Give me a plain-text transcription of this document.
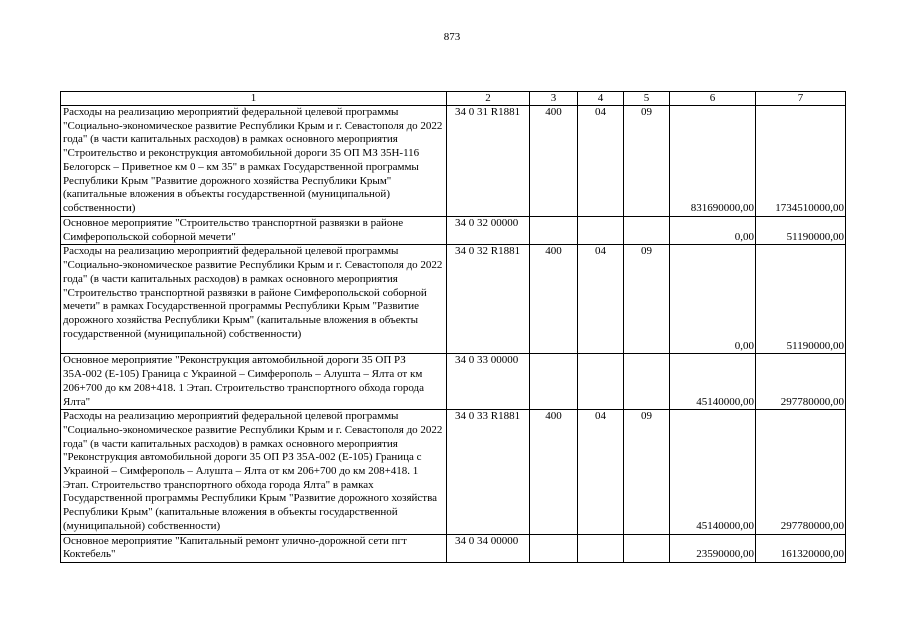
873
1	2	3	4	5	6	7
Расходы на реализацию мероприятий федеральной целевой программы "Социально-экономическое развитие Республики Крым и г. Севастополя до 2022 года" (в части капитальных расходов) в рамках основного мероприятия "Строительство и реконструкция автомобильной дороги 35 ОП МЗ 35Н-116 Белогорск – Приветное км 0 – км 35" в рамках Государственной программы Республики Крым "Развитие дорожного хозяйства Республики Крым" (капитальные вложения в объекты государственной (муниципальной) собственности)	34 0 31 R1881	400	04	09	831690000,00	1734510000,00
Основное мероприятие "Строительство транспортной развязки в районе Симферопольской соборной мечети"	34 0 32 00000				0,00	51190000,00
Расходы на реализацию мероприятий федеральной целевой программы "Социально-экономическое развитие Республики Крым и г. Севастополя до 2022 года" (в части капитальных расходов) в рамках основного мероприятия "Строительство транспортной развязки в районе Симферопольской соборной мечети" в рамках Государственной программы Республики Крым "Развитие дорожного хозяйства Республики Крым" (капитальные вложения в объекты государственной (муниципальной) собственности)	34 0 32 R1881	400	04	09	0,00	51190000,00
Основное мероприятие "Реконструкция автомобильной дороги 35 ОП РЗ 35А-002 (Е-105) Граница с Украиной – Симферополь – Алушта – Ялта от км 206+700 до км 208+418. 1 Этап. Строительство транспортного обхода города Ялта"	34 0 33 00000				45140000,00	297780000,00
Расходы на реализацию мероприятий федеральной целевой программы "Социально-экономическое развитие Республики Крым и г. Севастополя до 2022 года" (в части капитальных расходов) в рамках основного мероприятия "Реконструкция автомобильной дороги 35 ОП РЗ 35А-002 (Е-105) Граница с Украиной – Симферополь – Алушта – Ялта от км 206+700 до км 208+418. 1 Этап. Строительство транспортного обхода города Ялта" в рамках Государственной программы Республики Крым "Развитие дорожного хозяйства Республики Крым" (капитальные вложения в объекты государственной (муниципальной) собственности)	34 0 33 R1881	400	04	09	45140000,00	297780000,00
Основное мероприятие "Капитальный ремонт улично-дорожной сети пгт Коктебель"	34 0 34 00000				23590000,00	161320000,00
